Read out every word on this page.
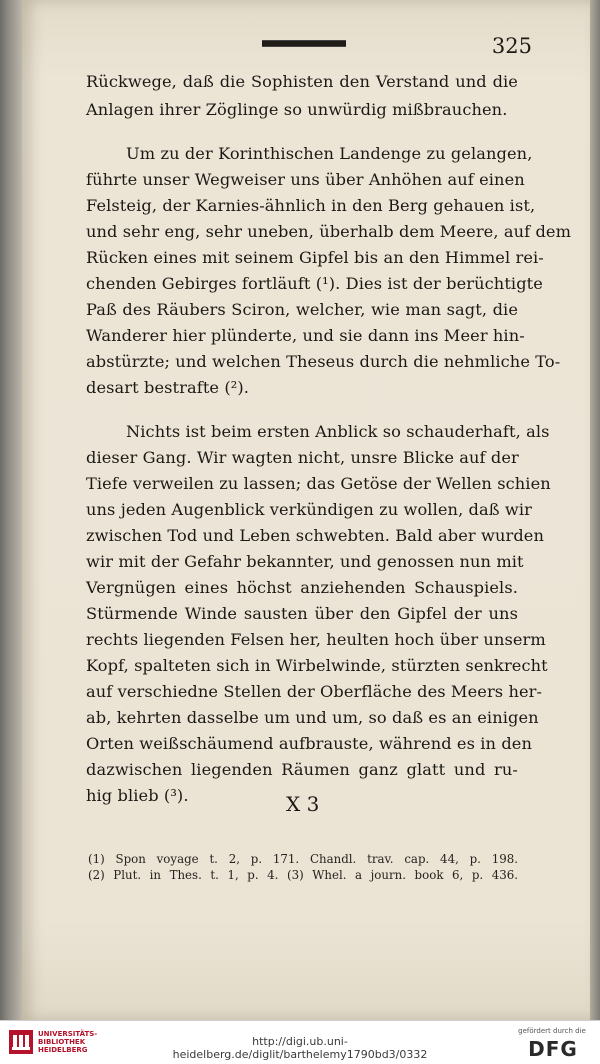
325
Rückwege, daß die Sophisten den Verstand und die
Anlagen ihrer Zöglinge so unwürdig mißbrauchen.
Um zu der Korinthischen Landenge zu gelangen,
führte unser Wegweiser uns über Anhöhen auf einen
Felsteig, der Karnies-ähnlich in den Berg gehauen ist,
und sehr eng, sehr uneben, überhalb dem Meere, auf dem
Rücken eines mit seinem Gipfel bis an den Himmel rei-
chenden Gebirges fortläuft (¹). Dies ist der berüchtigte
Paß des Räubers Sciron, welcher, wie man sagt, die
Wanderer hier plünderte, und sie dann ins Meer hin-
abstürzte; und welchen Theseus durch die nehmliche To-
desart bestrafte (²).
Nichts ist beim ersten Anblick so schauderhaft, als
dieser Gang. Wir wagten nicht, unsre Blicke auf der
Tiefe verweilen zu lassen; das Getöse der Wellen schien
uns jeden Augenblick verkündigen zu wollen, daß wir
zwischen Tod und Leben schwebten. Bald aber wurden
wir mit der Gefahr bekannter, und genossen nun mit
Vergnügen eines höchst anziehenden Schauspiels.
Stürmende Winde sausten über den Gipfel der uns
rechts liegenden Felsen her, heulten hoch über unserm
Kopf, spalteten sich in Wirbelwinde, stürzten senkrecht
auf verschiedne Stellen der Oberfläche des Meers her-
ab, kehrten dasselbe um und um, so daß es an einigen
Orten weißschäumend aufbrauste, während es in den
dazwischen liegenden Räumen ganz glatt und ru-
hig blieb (³).	X 3
(1) Spon voyage t. 2, p. 171. Chandl. trav. cap. 44, p. 198.
(2) Plut. in Thes. t. 1, p. 4. (3) Whel. a journ. book 6, p. 436.
UNIVERSITÄTS-
BIBLIOTHEK
HEIDELBERG
http://digi.ub.uni-heidelberg.de/diglit/barthelemy1790bd3/0332
gefördert durch die
DFG
